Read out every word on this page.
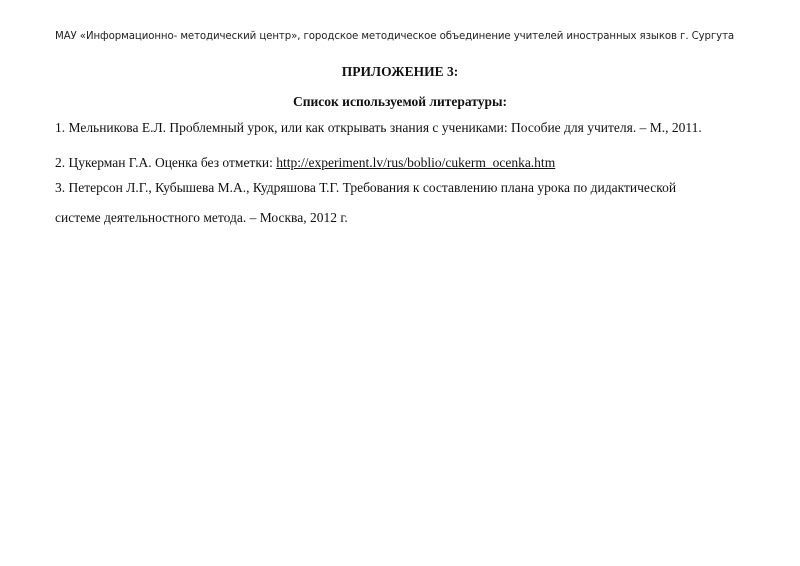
МАУ «Информационно- методический центр», городское методическое объединение учителей иностранных языков г. Сургута
ПРИЛОЖЕНИЕ 3:
Список используемой литературы:
1. Мельникова Е.Л. Проблемный урок, или как открывать знания с учениками: Пособие для учителя. – М., 2011.
2. Цукерман Г.А. Оценка без отметки: http://experiment.lv/rus/boblio/cukerm_ocenka.htm
3. Петерсон Л.Г., Кубышева М.А., Кудряшова Т.Г. Требования к составлению плана урока по дидактической
системе деятельностного метода. – Москва, 2012 г.
